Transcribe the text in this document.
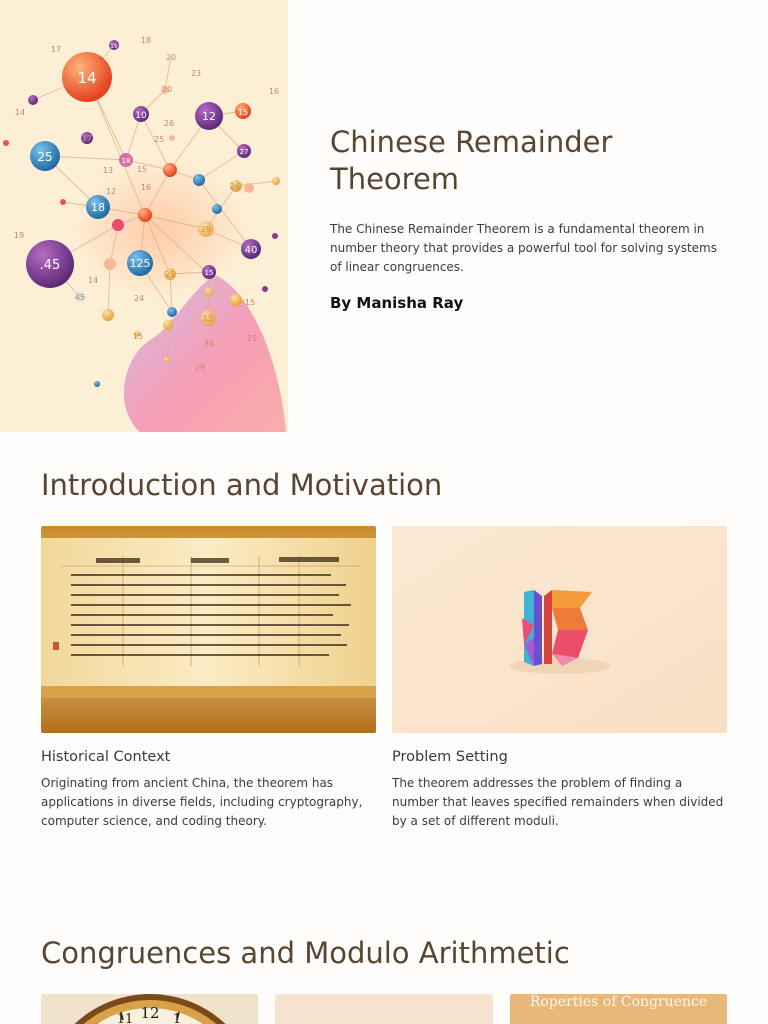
14
25
18
.45	125
12
10	15
27
40
15
18
19
18
20
23
26
16
14
17	25
13
16
15
20
17
12
29
26
15
24
45
15
25
36
29
19
14
15
15
Chinese Remainder Theorem

The Chinese Remainder Theorem is a fundamental theorem in number theory that provides a powerful tool for solving systems of linear congruences.

By Manisha Ray

Introduction and Motivation
Historical Context

Originating from ancient China, the theorem has applications in diverse fields, including cryptography, computer science, and coding theory.

Problem Setting

The theorem addresses the problem of finding a number that leaves specified remainders when divided by a set of different moduli.

Congruences and Modulo Arithmetic
12
11	1
Roperties of Congruence
